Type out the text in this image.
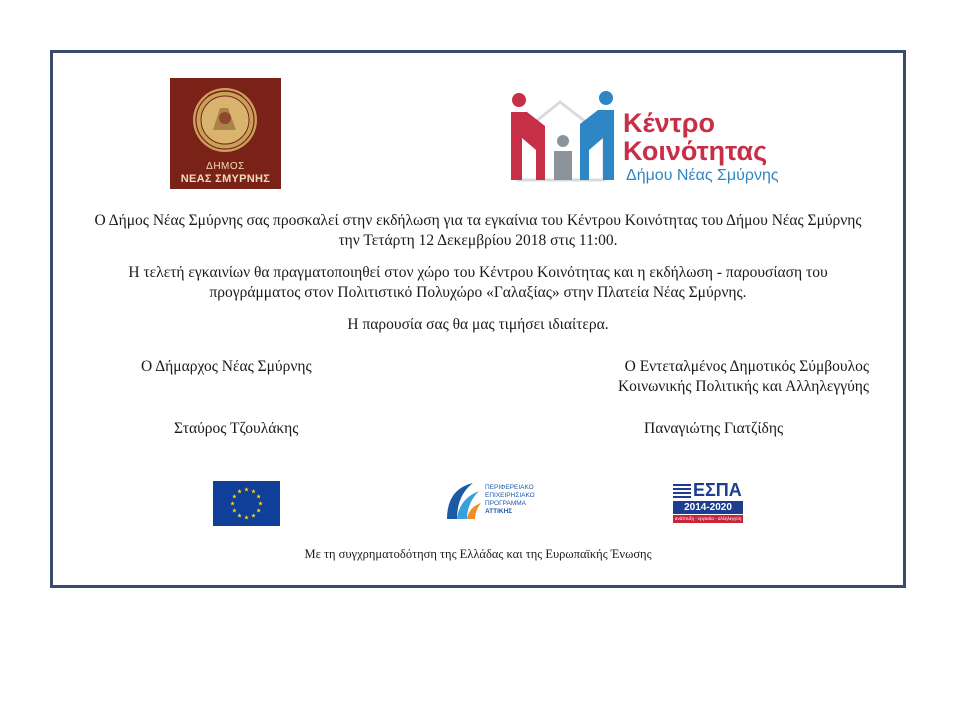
ΔΗΜΟΣ
ΝΕΑΣ ΣΜΥΡΝΗΣ
Κέντρο
Κοινότητας
Δήμου Νέας Σμύρνης
Ο Δήμος Νέας Σμύρνης σας προσκαλεί στην εκδήλωση για τα εγκαίνια του Κέντρου Κοινότητας του Δήμου Νέας Σμύρνης την Τετάρτη 12 Δεκεμβρίου 2018 στις 11:00.
Η τελετή εγκαινίων θα πραγματοποιηθεί στον χώρο του Κέντρου Κοινότητας και η εκδήλωση - παρουσίαση του προγράμματος στον Πολιτιστικό Πολυχώρο «Γαλαξίας» στην Πλατεία Νέας Σμύρνης.
Η παρουσία σας θα μας τιμήσει ιδιαίτερα.
Ο Δήμαρχος Νέας Σμύρνης	Ο Εντεταλμένος Δημοτικός Σύμβουλος
Κοινωνικής Πολιτικής και Αλληλεγγύης
Σταύρος Τζουλάκης	Παναγιώτης Γιατζίδης
ΠΕΡΙΦΕΡΕΙΑΚΟ
ΕΠΙΧΕΙΡΗΣΙΑΚΟ
ΠΡΟΓΡΑΜΜΑ
ΑΤΤΙΚΗΣ
ΕΣΠΑ
2014-2020
ανάπτυξη - εργασία - αλληλεγγύη
Με τη συγχρηματοδότηση της Ελλάδας και της Ευρωπαϊκής Ένωσης
